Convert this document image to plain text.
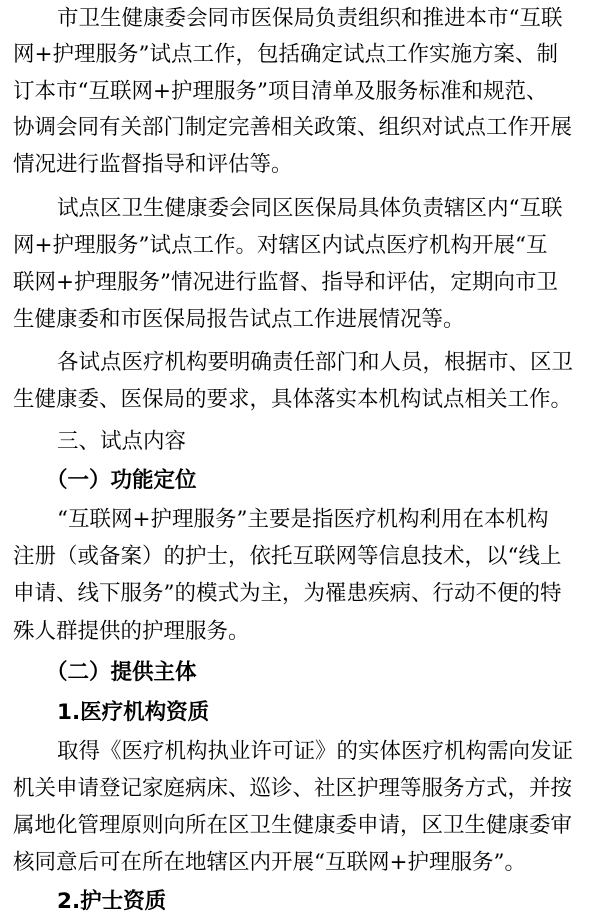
市卫生健康委会同市医保局负责组织和推进本市“互联
网+护理服务”试点工作，包括确定试点工作实施方案、制
订本市“互联网+护理服务”项目清单及服务标准和规范、
协调会同有关部门制定完善相关政策、组织对试点工作开展
情况进行监督指导和评估等。
试点区卫生健康委会同区医保局具体负责辖区内“互联
网+护理服务”试点工作。对辖区内试点医疗机构开展“互
联网+护理服务”情况进行监督、指导和评估，定期向市卫
生健康委和市医保局报告试点工作进展情况等。
各试点医疗机构要明确责任部门和人员，根据市、区卫
生健康委、医保局的要求，具体落实本机构试点相关工作。
三、试点内容
（一）功能定位
“互联网+护理服务”主要是指医疗机构利用在本机构
注册（或备案）的护士，依托互联网等信息技术，以“线上
申请、线下服务”的模式为主，为罹患疾病、行动不便的特
殊人群提供的护理服务。
（二）提供主体
1.医疗机构资质
取得《医疗机构执业许可证》的实体医疗机构需向发证
机关申请登记家庭病床、巡诊、社区护理等服务方式，并按
属地化管理原则向所在区卫生健康委申请，区卫生健康委审
核同意后可在所在地辖区内开展“互联网+护理服务”。
2.护士资质
